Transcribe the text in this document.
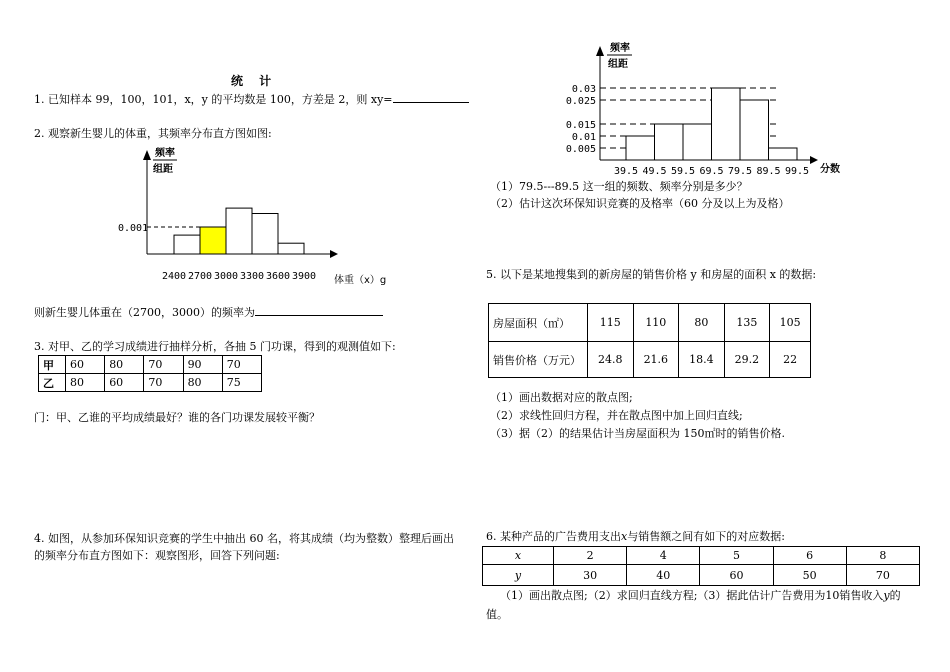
统 计
1. 已知样本 99，100，101，x，y 的平均数是 100，方差是 2，则 xy=
2. 观察新生婴儿的体重，其频率分布直方图如图:
频率
组距
0.001
2400 2700 3000 3300 3600 3900 体重（x）g
则新生婴儿体重在（2700，3000）的频率为
3. 对甲、乙的学习成绩进行抽样分析，各抽 5 门功课，得到的观测值如下:
甲	60	80	70	90	70
乙	80	60	70	80	75
门：甲、乙谁的平均成绩最好？谁的各门功课发展较平衡？
4. 如图，从参加环保知识竞赛的学生中抽出 60 名，将其成绩（均为整数）整理后画出
的频率分布直方图如下：观察图形，回答下列问题:
频率
组距
0.03
0.025
0.015
0.01
0.005
39.5 49.5 59.5 69.5 79.5 89.5 99.5 分数
（1）79.5---89.5 这一组的频数、频率分别是多少？
（2）估计这次环保知识竞赛的及格率（60 分及以上为及格）
5. 以下是某地搜集到的新房屋的销售价格 y 和房屋的面积 x 的数据:
房屋面积（㎡）	115	110	80	135	105
销售价格（万元）	24.8	21.6	18.4	29.2	22
（1）画出数据对应的散点图;
（2）求线性回归方程，并在散点图中加上回归直线;
（3）据（2）的结果估计当房屋面积为 150㎡时的销售价格.
6. 某种产品的广告费用支出x与销售额之间有如下的对应数据:
x	2	4	5	6	8
y	30	40	60	50	70
（1）画出散点图;（2）求回归直线方程;（3）据此估计广告费用为10销售收入y的
值。
